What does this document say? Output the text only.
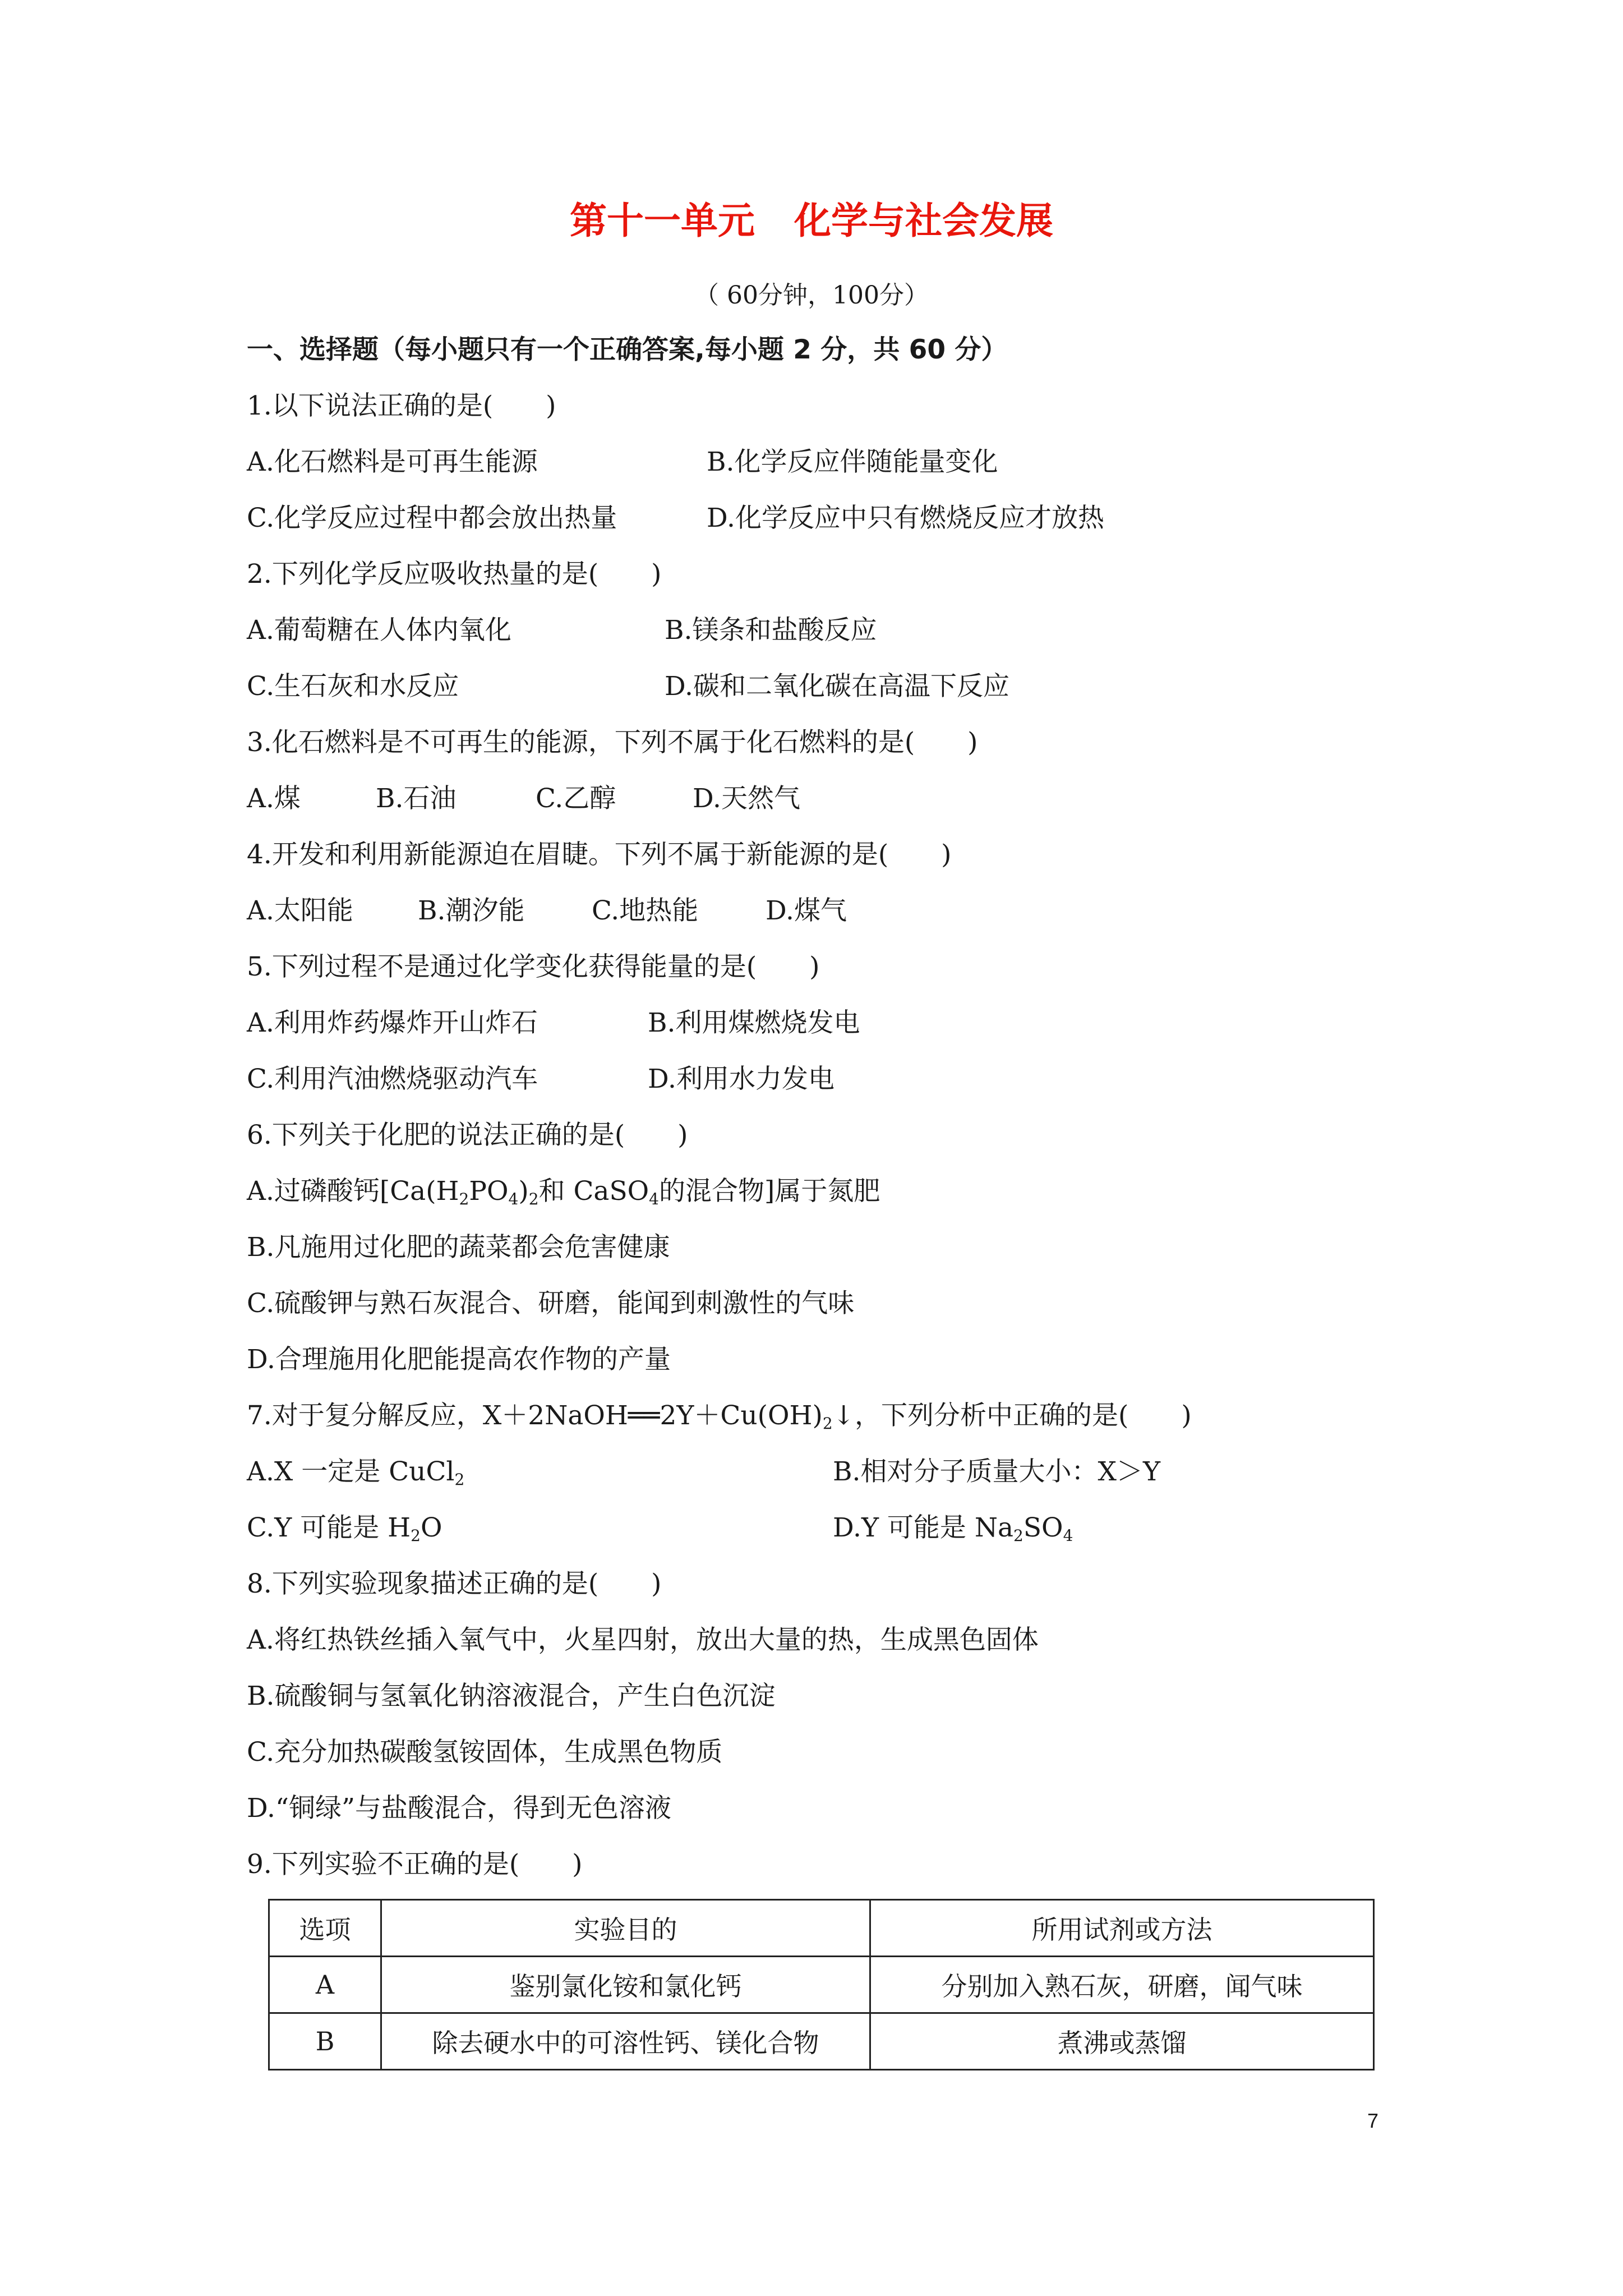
第十一单元 化学与社会发展
（ 60分钟，100分）
一、选择题（每小题只有一个正确答案,每小题 2 分，共 60 分）
1.以下说法正确的是(　　)
A.化石燃料是可再生能源	B.化学反应伴随能量变化
C.化学反应过程中都会放出热量	D.化学反应中只有燃烧反应才放热
2.下列化学反应吸收热量的是(　　)
A.葡萄糖在人体内氧化	B.镁条和盐酸反应
C.生石灰和水反应	D.碳和二氧化碳在高温下反应
3.化石燃料是不可再生的能源，下列不属于化石燃料的是(　　)
A.煤	B.石油	C.乙醇	D.天然气
4.开发和利用新能源迫在眉睫。下列不属于新能源的是(　　)
A.太阳能 B.潮汐能	C.地热能	D.煤气
5.下列过程不是通过化学变化获得能量的是(　　)
A.利用炸药爆炸开山炸石	B.利用煤燃烧发电
C.利用汽油燃烧驱动汽车	D.利用水力发电
6.下列关于化肥的说法正确的是(　　)
A.过磷酸钙[$Ca(H_2PO_4)_2$和 CaSO$_4$的混合物]属于氮肥
B.凡施用过化肥的蔬菜都会危害健康
C.硫酸钾与熟石灰混合、研磨，能闻到刺激性的气味
D.合理施用化肥能提高农作物的产量
7.对于复分解反应，$X+2NaOH══2Y+Cu(OH)_2↓$，下列分析中正确的是(　　)
A.X 一定是 CuCl$_2$	B.相对分子质量大小：X＞Y
C.Y 可能是 $H_2O$	D.Y 可能是 $Na_2SO_4$
8.下列实验现象描述正确的是(　　)
A.将红热铁丝插入氧气中，火星四射，放出大量的热，生成黑色固体
B.硫酸铜与氢氧化钠溶液混合，产生白色沉淀
C.充分加热碳酸氢铵固体，生成黑色物质
D.“铜绿”与盐酸混合，得到无色溶液
9.下列实验不正确的是(　　)
选项	实验目的	所用试剂或方法
A	鉴别氯化铵和氯化钙	分别加入熟石灰，研磨，闻气味
B	除去硬水中的可溶性钙、镁化合物	煮沸或蒸馏
7
